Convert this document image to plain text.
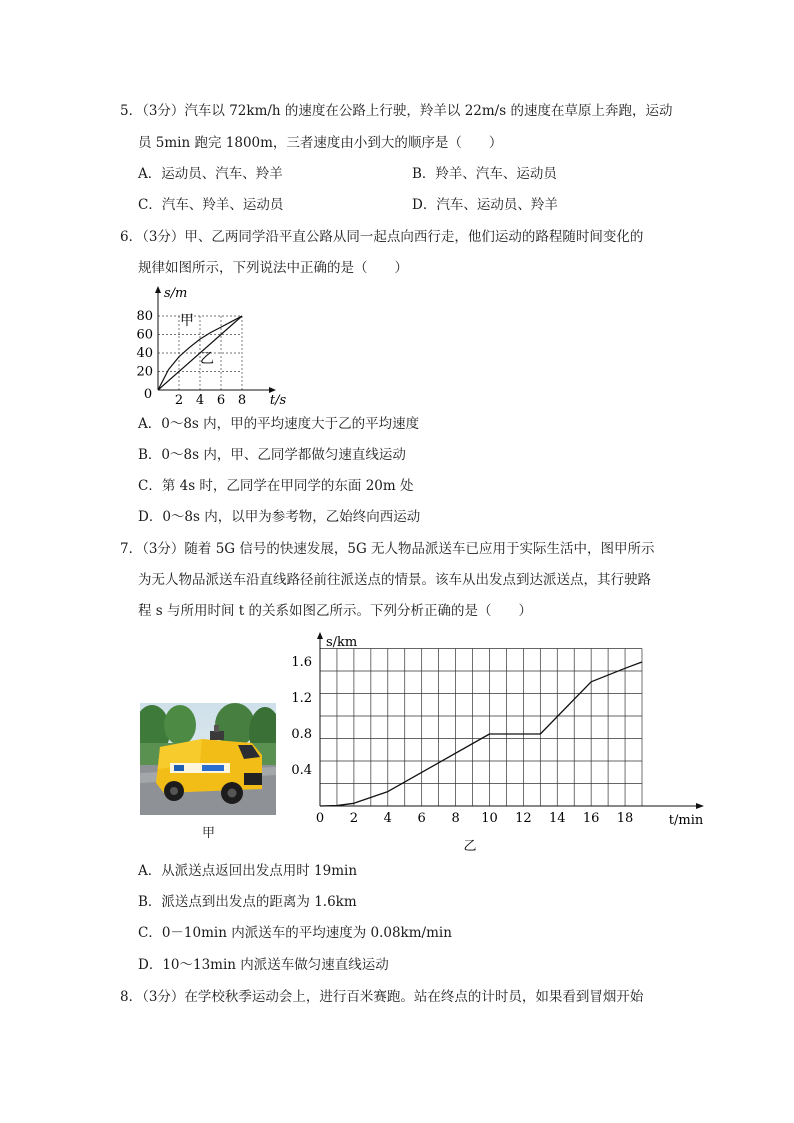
5．（3分）汽车以 72km/h 的速度在公路上行驶，羚羊以 22m/s 的速度在草原上奔跑，运动
员 5min 跑完 1800m，三者速度由小到大的顺序是（　　）
A．运动员、汽车、羚羊	B．羚羊、汽车、运动员
C．汽车、羚羊、运动员	D．汽车、运动员、羚羊
6．（3分）甲、乙两同学沿平直公路从同一起点向西行走，他们运动的路程随时间变化的
规律如图所示，下列说法中正确的是（　　）
20
40
60
80
2 4 6 8
0
s/m
t/s
甲
乙
A．0～8s 内，甲的平均速度大于乙的平均速度
B．0～8s 内，甲、乙同学都做匀速直线运动
C．第 4s 时，乙同学在甲同学的东面 20m 处
D．0～8s 内，以甲为参考物，乙始终向西运动
7．（3分）随着 5G 信号的快速发展，5G 无人物品派送车已应用于实际生活中，图甲所示
为无人物品派送车沿直线路径前往派送点的情景。该车从出发点到达派送点，其行驶路
程 s 与所用时间 t 的关系如图乙所示。下列分析正确的是（　　）
甲
0 2 4 6 8 10 12 14 16 18
0.4
0.8
1.2
1.6
s/km
t/min
乙
A．从派送点返回出发点用时 19min
B．派送点到出发点的距离为 1.6km
C．0－10min 内派送车的平均速度为 0.08km/min
D．10～13min 内派送车做匀速直线运动
8．（3分）在学校秋季运动会上，进行百米赛跑。站在终点的计时员，如果看到冒烟开始
